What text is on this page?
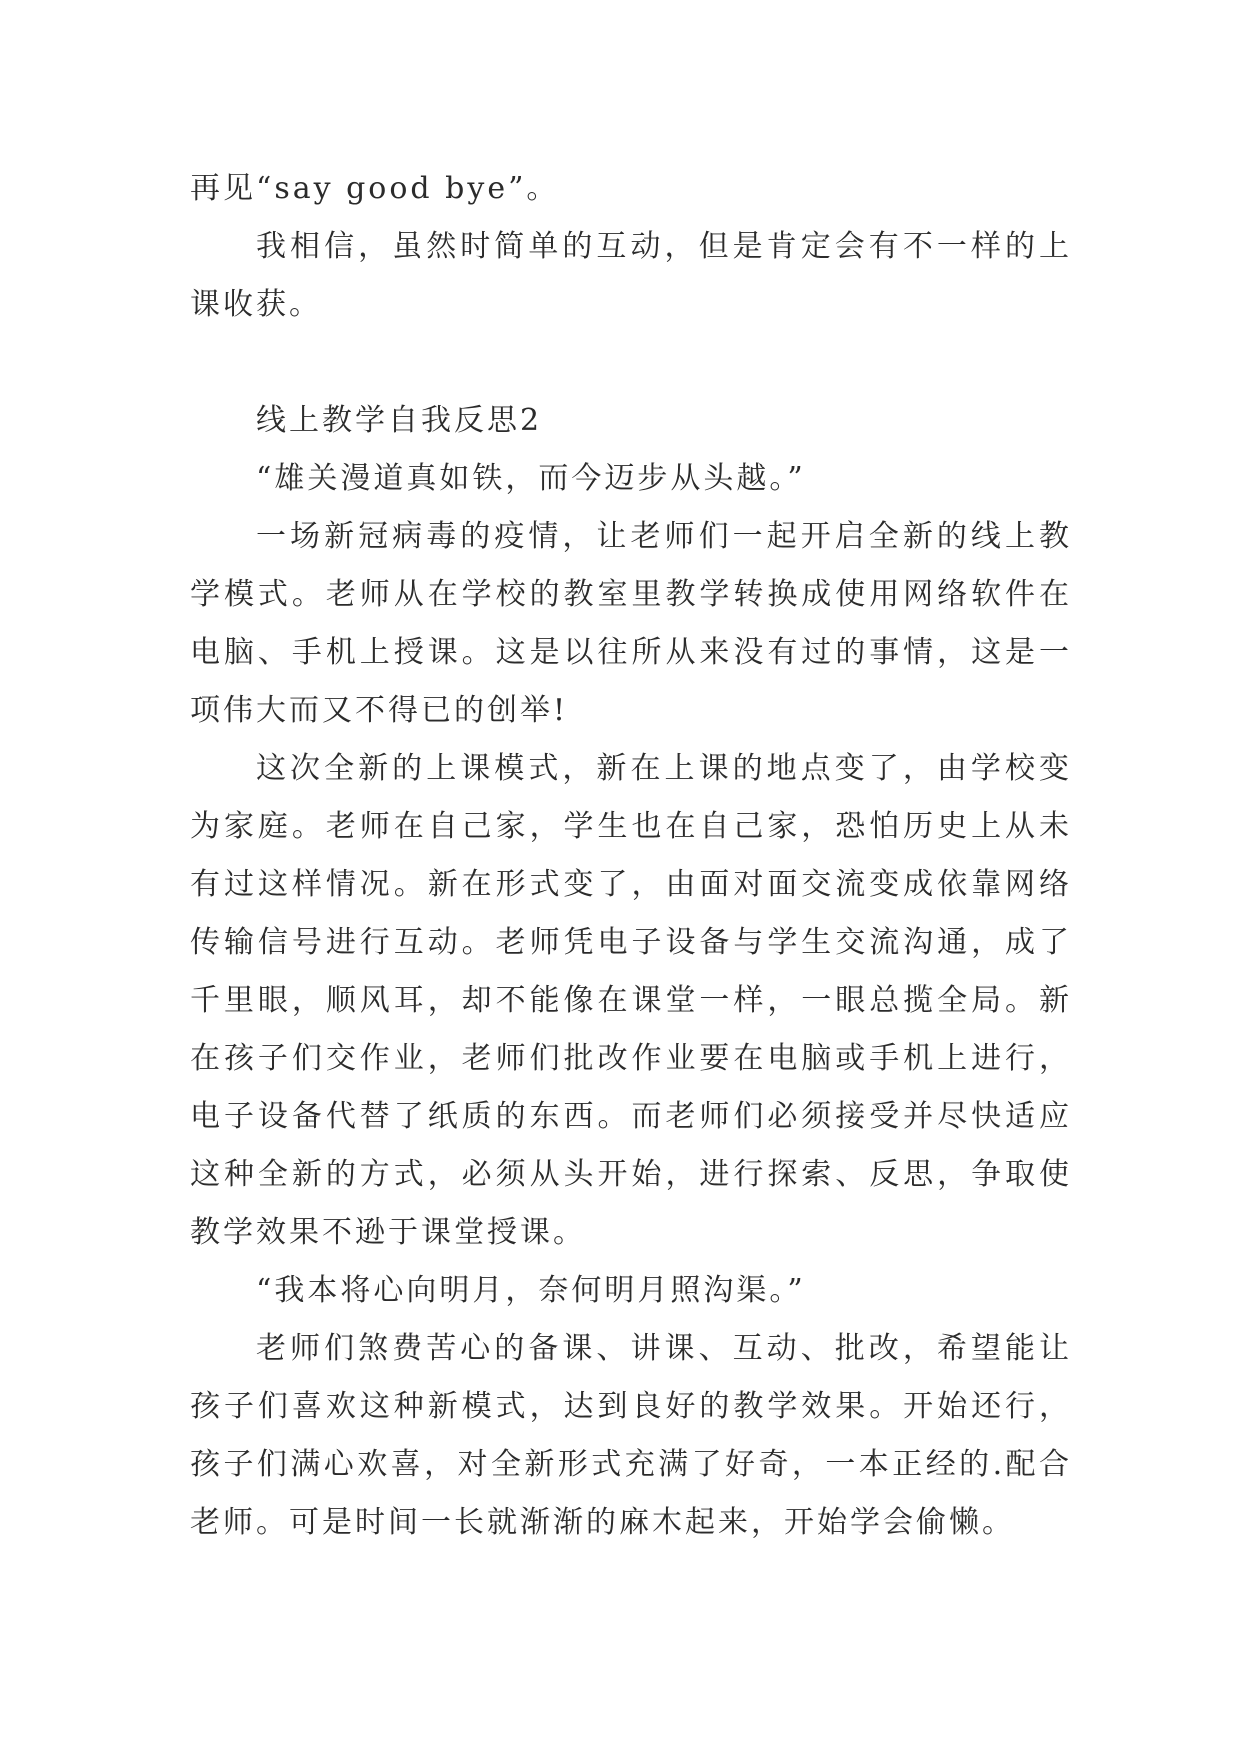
再见“say good bye”。

我相信，虽然时简单的互动，但是肯定会有不一样的上课收获。

线上教学自我反思2

“雄关漫道真如铁，而今迈步从头越。”

一场新冠病毒的疫情，让老师们一起开启全新的线上教学模式。老师从在学校的教室里教学转换成使用网络软件在电脑、手机上授课。这是以往所从来没有过的事情，这是一项伟大而又不得已的创举!

这次全新的上课模式，新在上课的地点变了，由学校变为家庭。老师在自己家，学生也在自己家，恐怕历史上从未有过这样情况。新在形式变了，由面对面交流变成依靠网络传输信号进行互动。老师凭电子设备与学生交流沟通，成了千里眼，顺风耳，却不能像在课堂一样，一眼总揽全局。新在孩子们交作业，老师们批改作业要在电脑或手机上进行，电子设备代替了纸质的东西。而老师们必须接受并尽快适应这种全新的方式，必须从头开始，进行探索、反思，争取使教学效果不逊于课堂授课。

“我本将心向明月，奈何明月照沟渠。”

老师们煞费苦心的备课、讲课、互动、批改，希望能让孩子们喜欢这种新模式，达到良好的教学效果。开始还行，孩子们满心欢喜，对全新形式充满了好奇，一本正经的.配合老师。可是时间一长就渐渐的麻木起来，开始学会偷懒。
